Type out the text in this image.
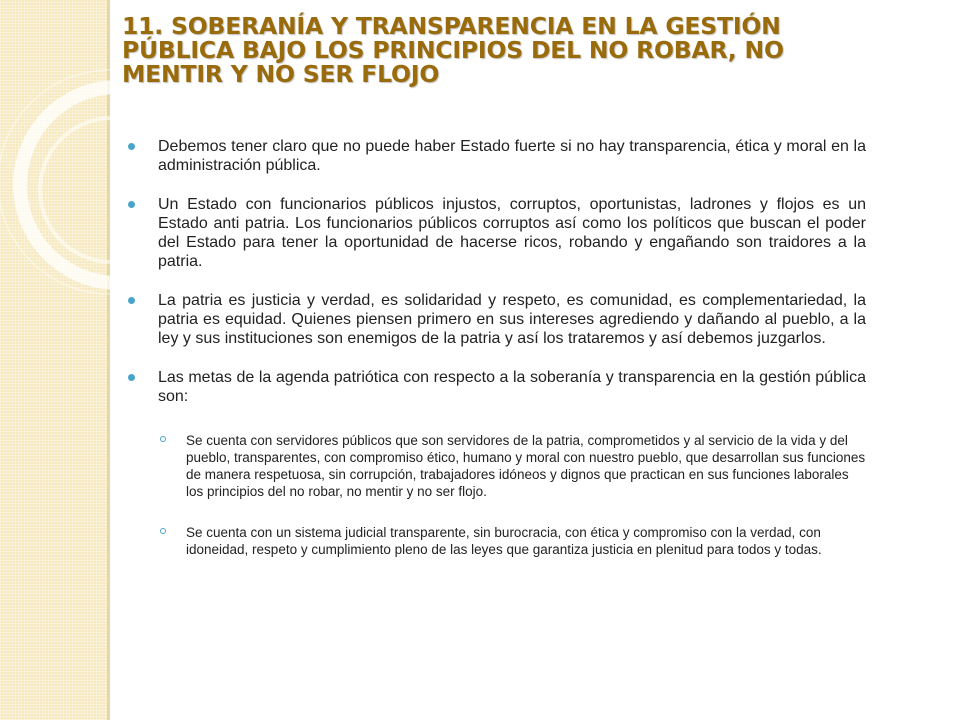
11. SOBERANÍA Y TRANSPARENCIA EN LA GESTIÓN PÚBLICA BAJO LOS PRINCIPIOS DEL NO ROBAR, NO MENTIR Y NO SER FLOJO
Debemos tener claro que no puede haber Estado fuerte si no hay transparencia, ética y moral en la administración pública.
Un Estado con funcionarios públicos injustos, corruptos, oportunistas, ladrones y flojos es un Estado anti patria. Los funcionarios públicos corruptos así como los políticos que buscan el poder del Estado para tener la oportunidad de hacerse ricos, robando y engañando son traidores a la patria.
La patria es justicia y verdad, es solidaridad y respeto, es comunidad, es complementariedad, la patria es equidad. Quienes piensen primero en sus intereses agrediendo y dañando al pueblo, a la ley y sus instituciones son enemigos de la patria y así los trataremos y así debemos juzgarlos.
Las metas de la agenda patriótica con respecto a la soberanía y transparencia en la gestión pública son:
Se cuenta con servidores públicos que son servidores de la patria, comprometidos y al servicio de la vida y del pueblo, transparentes, con compromiso ético, humano y moral con nuestro pueblo, que desarrollan sus funciones de manera respetuosa, sin corrupción, trabajadores idóneos y dignos que practican en sus funciones laborales los principios del no robar, no mentir y no ser flojo.
Se cuenta con un sistema judicial transparente, sin burocracia, con ética y compromiso con la verdad, con idoneidad, respeto y cumplimiento pleno de las leyes que garantiza justicia en plenitud para todos y todas.
